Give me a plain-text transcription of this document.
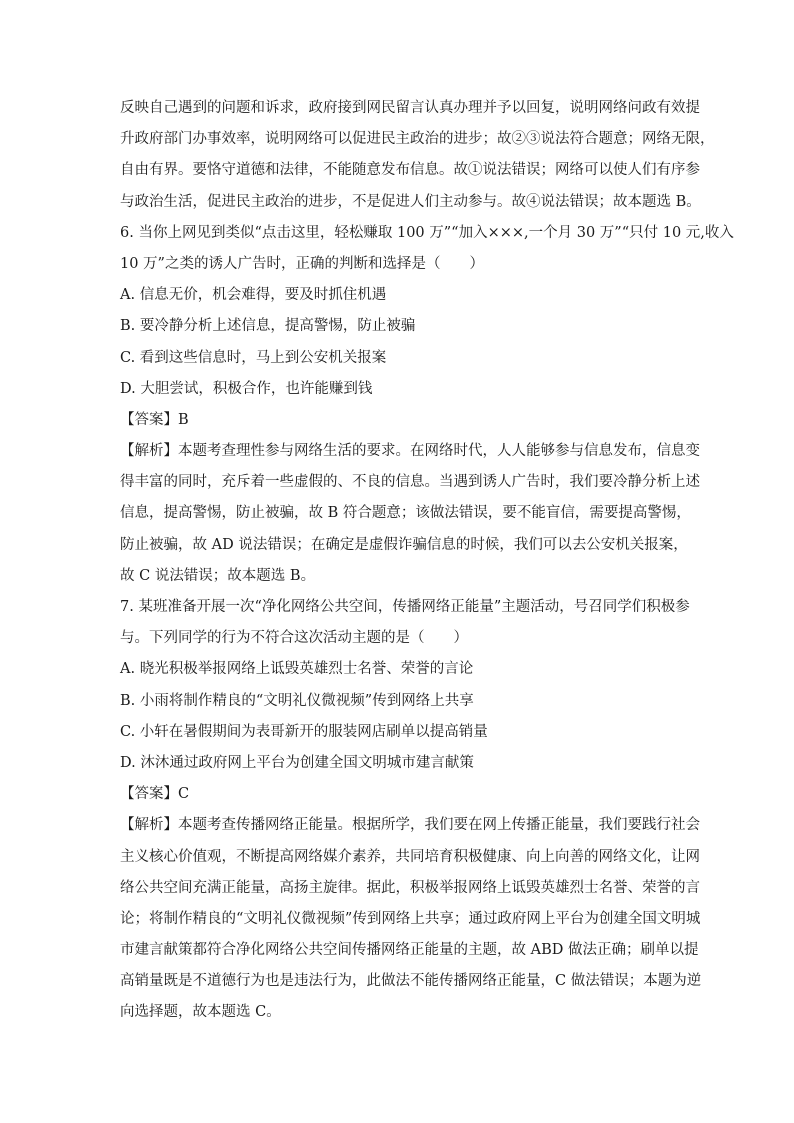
反映自己遇到的问题和诉求，政府接到网民留言认真办理并予以回复，说明网络问政有效提
升政府部门办事效率，说明网络可以促进民主政治的进步；故②③说法符合题意；网络无限，
自由有界。要恪守道德和法律，不能随意发布信息。故①说法错误；网络可以使人们有序参
与政治生活，促进民主政治的进步，不是促进人们主动参与。故④说法错误；故本题选 B。
6. 当你上网见到类似“点击这里，轻松赚取 100 万”“加入×××,一个月 30 万”“只付 10 元,收入
10 万”之类的诱人广告时，正确的判断和选择是（　　）
A. 信息无价，机会难得，要及时抓住机遇
B. 要冷静分析上述信息，提高警惕，防止被骗
C. 看到这些信息时，马上到公安机关报案
D. 大胆尝试，积极合作，也许能赚到钱
【答案】B
【解析】本题考查理性参与网络生活的要求。在网络时代，人人能够参与信息发布，信息变
得丰富的同时，充斥着一些虚假的、不良的信息。当遇到诱人广告时，我们要冷静分析上述
信息，提高警惕，防止被骗，故 B 符合题意；该做法错误，要不能盲信，需要提高警惕，
防止被骗，故 AD 说法错误；在确定是虚假诈骗信息的时候，我们可以去公安机关报案，
故 C 说法错误；故本题选 B。
7. 某班准备开展一次“净化网络公共空间，传播网络正能量”主题活动，号召同学们积极参
与。下列同学的行为不符合这次活动主题的是（　　）
A. 晓光积极举报网络上诋毁英雄烈士名誉、荣誉的言论
B. 小雨将制作精良的“文明礼仪微视频”传到网络上共享
C. 小轩在暑假期间为表哥新开的服装网店刷单以提高销量
D. 沐沐通过政府网上平台为创建全国文明城市建言献策
【答案】C
【解析】本题考查传播网络正能量。根据所学，我们要在网上传播正能量，我们要践行社会
主义核心价值观，不断提高网络媒介素养，共同培育积极健康、向上向善的网络文化，让网
络公共空间充满正能量，高扬主旋律。据此，积极举报网络上诋毁英雄烈士名誉、荣誉的言
论；将制作精良的“文明礼仪微视频”传到网络上共享；通过政府网上平台为创建全国文明城
市建言献策都符合净化网络公共空间传播网络正能量的主题，故 ABD 做法正确；刷单以提
高销量既是不道德行为也是违法行为，此做法不能传播网络正能量，C 做法错误；本题为逆
向选择题，故本题选 C。
